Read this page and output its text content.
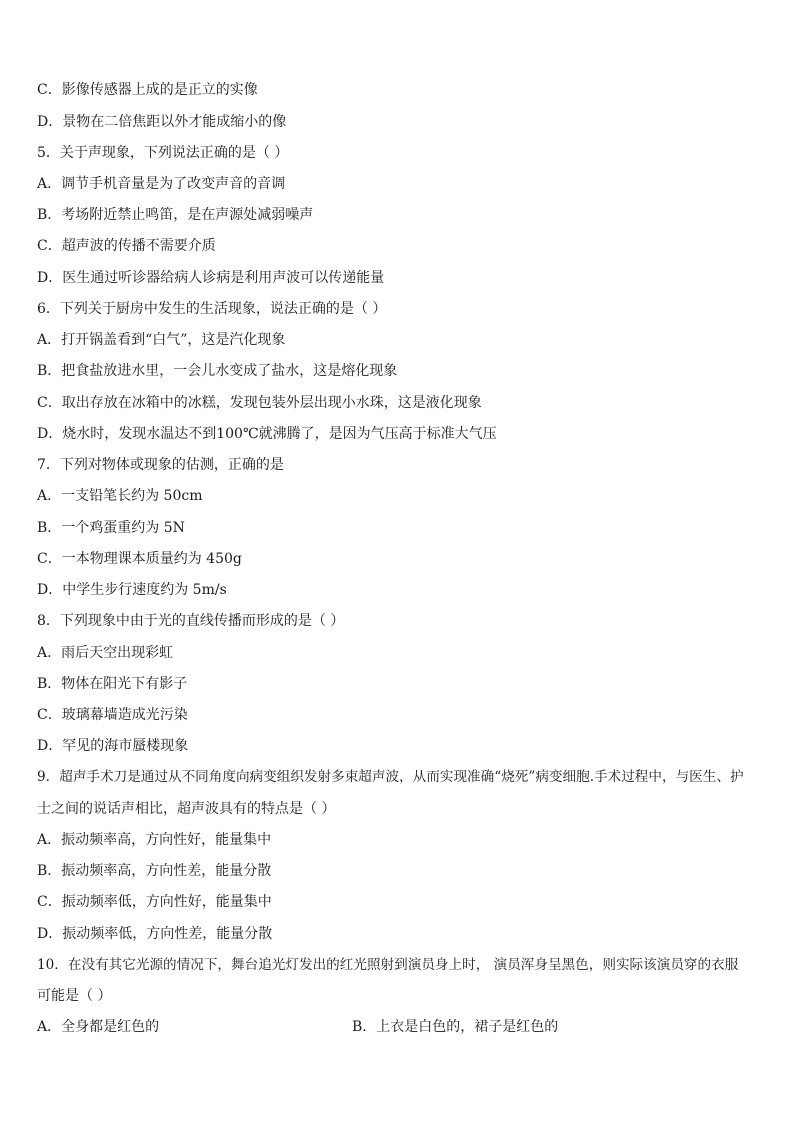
C．影像传感器上成的是正立的实像
D．景物在二倍焦距以外才能成缩小的像
5．关于声现象，下列说法正确的是（ ）
A．调节手机音量是为了改变声音的音调
B．考场附近禁止鸣笛，是在声源处减弱噪声
C．超声波的传播不需要介质
D．医生通过听诊器给病人诊病是利用声波可以传递能量
6．下列关于厨房中发生的生活现象，说法正确的是（ ）
A．打开锅盖看到“白气”，这是汽化现象
B．把食盐放进水里，一会儿水变成了盐水，这是熔化现象
C．取出存放在冰箱中的冰糕，发现包装外层出现小水珠，这是液化现象
D．烧水时，发现水温达不到100℃就沸腾了，是因为气压高于标准大气压
7．下列对物体或现象的估测，正确的是
A．一支铅笔长约为 50cm
B．一个鸡蛋重约为 5N
C．一本物理课本质量约为 450g
D．中学生步行速度约为 5m/s
8．下列现象中由于光的直线传播而形成的是（ ）
A．雨后天空出现彩虹
B．物体在阳光下有影子
C．玻璃幕墙造成光污染
D．罕见的海市蜃楼现象
9．超声手术刀是通过从不同角度向病变组织发射多束超声波，从而实现准确“烧死”病变细胞.手术过程中，与医生、护
士之间的说话声相比，超声波具有的特点是（ ）
A．振动频率高，方向性好，能量集中
B．振动频率高，方向性差，能量分散
C．振动频率低，方向性好，能量集中
D．振动频率低，方向性差，能量分散
10．在没有其它光源的情况下，舞台追光灯发出的红光照射到演员身上时， 演员浑身呈黑色，则实际该演员穿的衣服
可能是（ ）
A．全身都是红色的	B．上衣是白色的，裙子是红色的
